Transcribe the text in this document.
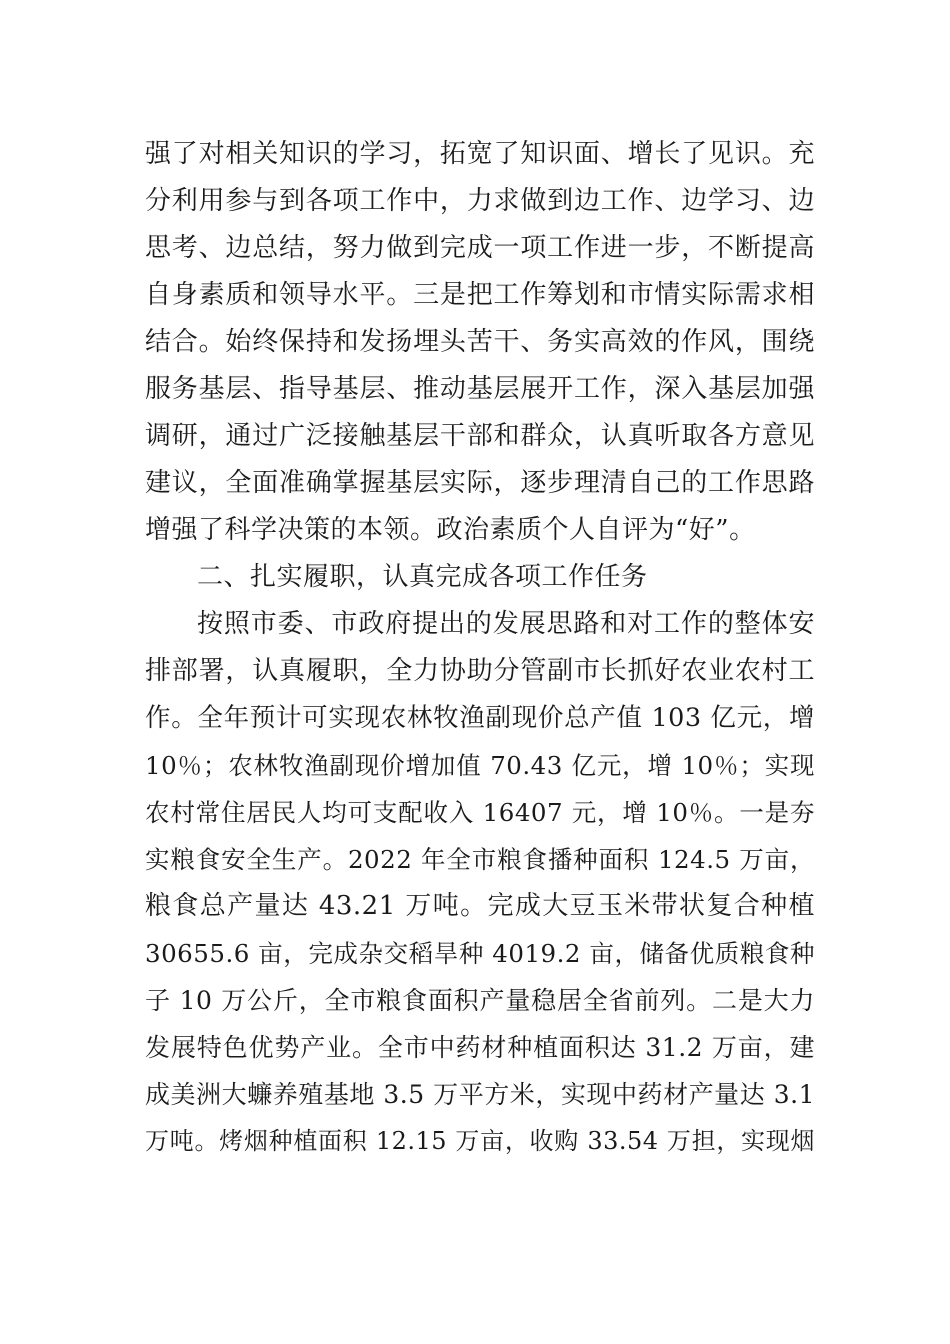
强了对相关知识的学习，拓宽了知识面、增长了见识。充
分利用参与到各项工作中，力求做到边工作、边学习、边
思考、边总结，努力做到完成一项工作进一步，不断提高
自身素质和领导水平。三是把工作筹划和市情实际需求相
结合。始终保持和发扬埋头苦干、务实高效的作风，围绕
服务基层、指导基层、推动基层展开工作，深入基层加强
调研，通过广泛接触基层干部和群众，认真听取各方意见
建议，全面准确掌握基层实际，逐步理清自己的工作思路
增强了科学决策的本领。政治素质个人自评为“好”。
二、扎实履职，认真完成各项工作任务
按照市委、市政府提出的发展思路和对工作的整体安
排部署，认真履职，全力协助分管副市长抓好农业农村工
作。全年预计可实现农林牧渔副现价总产值 103 亿元，增
10％；农林牧渔副现价增加值 70.43 亿元，增 10％；实现
农村常住居民人均可支配收入 16407 元，增 10％。一是夯
实粮食安全生产。2022 年全市粮食播种面积 124.5 万亩，
粮食总产量达 43.21 万吨。完成大豆玉米带状复合种植
30655.6 亩，完成杂交稻旱种 4019.2 亩，储备优质粮食种
子 10 万公斤，全市粮食面积产量稳居全省前列。二是大力
发展特色优势产业。全市中药材种植面积达 31.2 万亩，建
成美洲大蠊养殖基地 3.5 万平方米，实现中药材产量达 3.1
万吨。烤烟种植面积 12.15 万亩，收购 33.54 万担，实现烟
